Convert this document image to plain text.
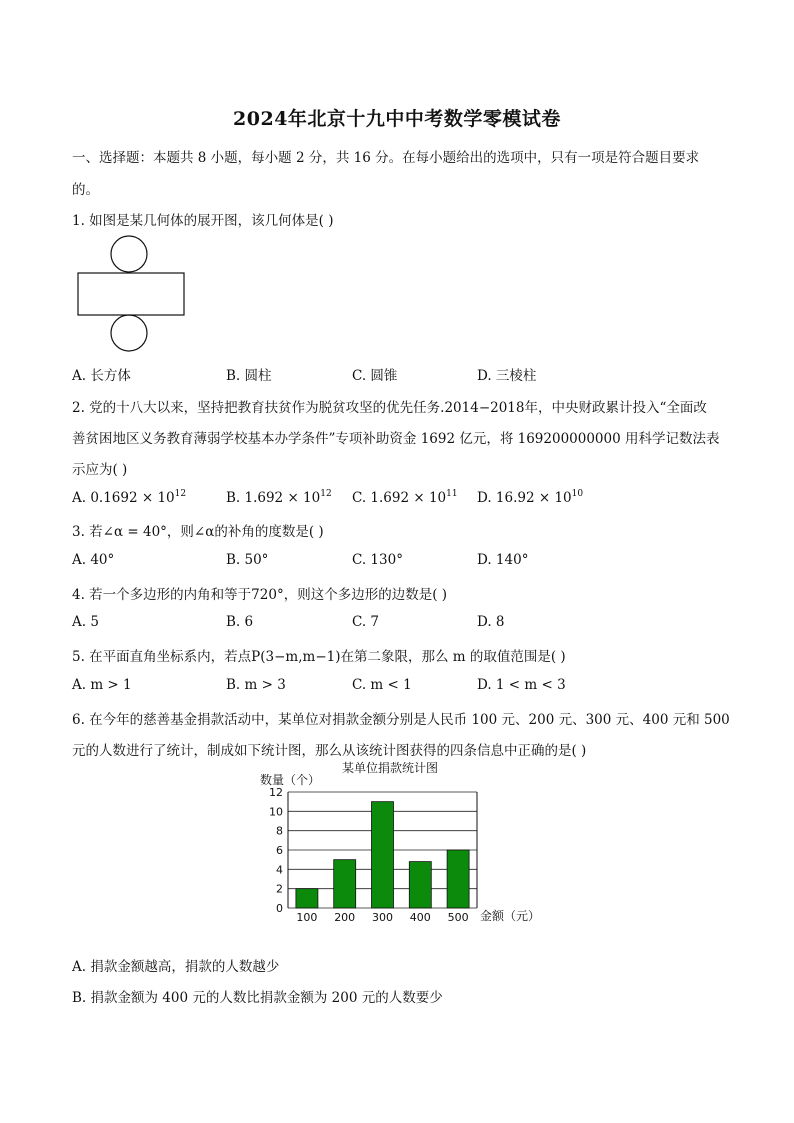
2024年北京十九中中考数学零模试卷
一、选择题：本题共 8 小题，每小题 2 分，共 16 分。在每小题给出的选项中，只有一项是符合题目要求
的。
1. 如图是某几何体的展开图，该几何体是( )
A. 长方体	B. 圆柱	C. 圆锥	D. 三棱柱
2. 党的十八大以来，坚持把教育扶贫作为脱贫攻坚的优先任务.2014−2018年，中央财政累计投入“全面改
善贫困地区义务教育薄弱学校基本办学条件”专项补助资金 1692 亿元，将 169200000000 用科学记数法表
示应为( )
A. $0.1692 \times 10^{12}$	B. $1.692 \times 10^{12}$ C. $1.692 \times 10^{11}$ D. $16.92 \times 10^{10}$
3. 若∠α = 40°，则∠α的补角的度数是( )
A. 40°	B. 50°	C. 130°	D. 140°
4. 若一个多边形的内角和等于720°，则这个多边形的边数是( )
A. 5	B. 6	C. 7	D. 8
5. 在平面直角坐标系内，若点P(3−m,m−1)在第二象限，那么 m 的取值范围是( )
A. m > 1	B. m > 3	C. m < 1	D. 1 < m < 3
6. 在今年的慈善基金捐款活动中，某单位对捐款金额分别是人民币 100 元、200 元、300 元、400 元和 500
元的人数进行了统计，制成如下统计图，那么从该统计图获得的四条信息中正确的是( )
某单位捐款统计图
数量（个）
0
2
4
6
8
10
12
100 200 300 400 500 金额（元）
A. 捐款金额越高，捐款的人数越少
B. 捐款金额为 400 元的人数比捐款金额为 200 元的人数要少
